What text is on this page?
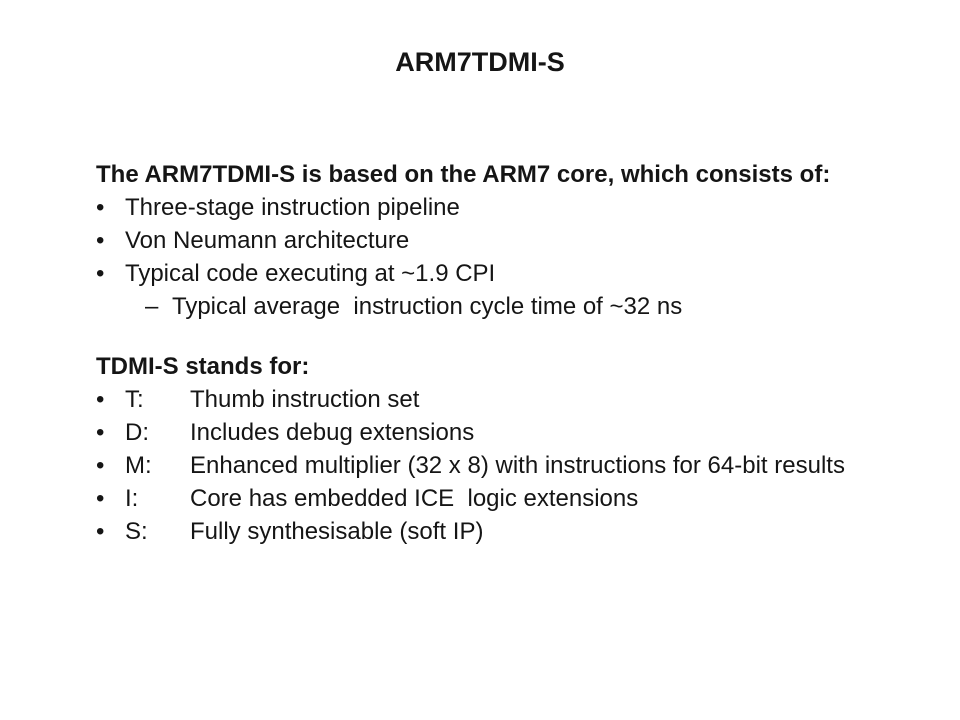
ARM7TDMI-S
The ARM7TDMI-S is based on the ARM7 core, which consists of:
• Three-stage instruction pipeline
• Von Neumann architecture
• Typical code executing at ~1.9 CPI
– Typical average  instruction cycle time of ~32 ns
TDMI-S stands for:
• T:	Thumb instruction set
• D:	Includes debug extensions
• M:	Enhanced multiplier (32 x 8) with instructions for 64-bit results
• I:	Core has embedded ICE  logic extensions
• S:	Fully synthesisable (soft IP)
